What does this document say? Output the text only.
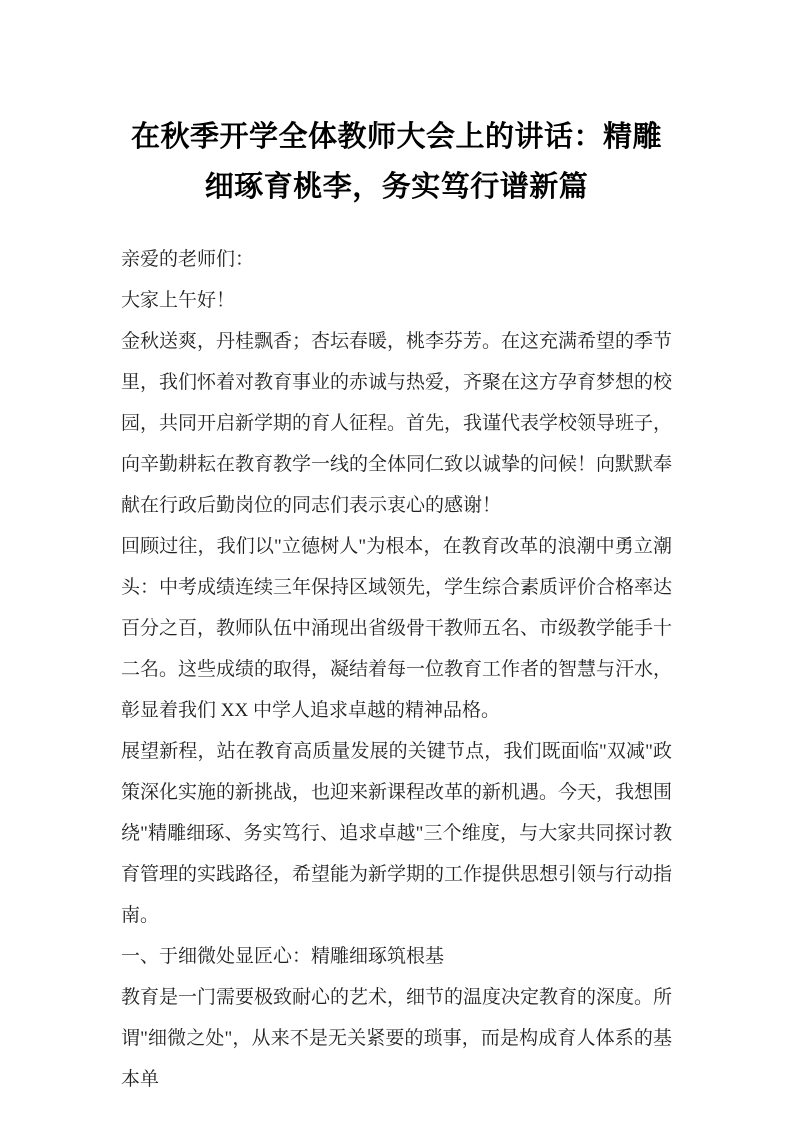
在秋季开学全体教师大会上的讲话：精雕细琢育桃李，务实笃行谱新篇

亲爱的老师们：

大家上午好！

金秋送爽，丹桂飘香；杏坛春暖，桃李芬芳。在这充满希望的季节里，我们怀着对教育事业的赤诚与热爱，齐聚在这方孕育梦想的校园，共同开启新学期的育人征程。首先，我谨代表学校领导班子，向辛勤耕耘在教育教学一线的全体同仁致以诚挚的问候！向默默奉献在行政后勤岗位的同志们表示衷心的感谢！

回顾过往，我们以"立德树人"为根本，在教育改革的浪潮中勇立潮头：中考成绩连续三年保持区域领先，学生综合素质评价合格率达百分之百，教师队伍中涌现出省级骨干教师五名、市级教学能手十二名。这些成绩的取得，凝结着每一位教育工作者的智慧与汗水，彰显着我们 XX 中学人追求卓越的精神品格。

展望新程，站在教育高质量发展的关键节点，我们既面临"双减"政策深化实施的新挑战，也迎来新课程改革的新机遇。今天，我想围绕"精雕细琢、务实笃行、追求卓越"三个维度，与大家共同探讨教育管理的实践路径，希望能为新学期的工作提供思想引领与行动指南。

一、于细微处显匠心：精雕细琢筑根基

教育是一门需要极致耐心的艺术，细节的温度决定教育的深度。所谓"细微之处"，从来不是无关紧要的琐事，而是构成育人体系的基本单
